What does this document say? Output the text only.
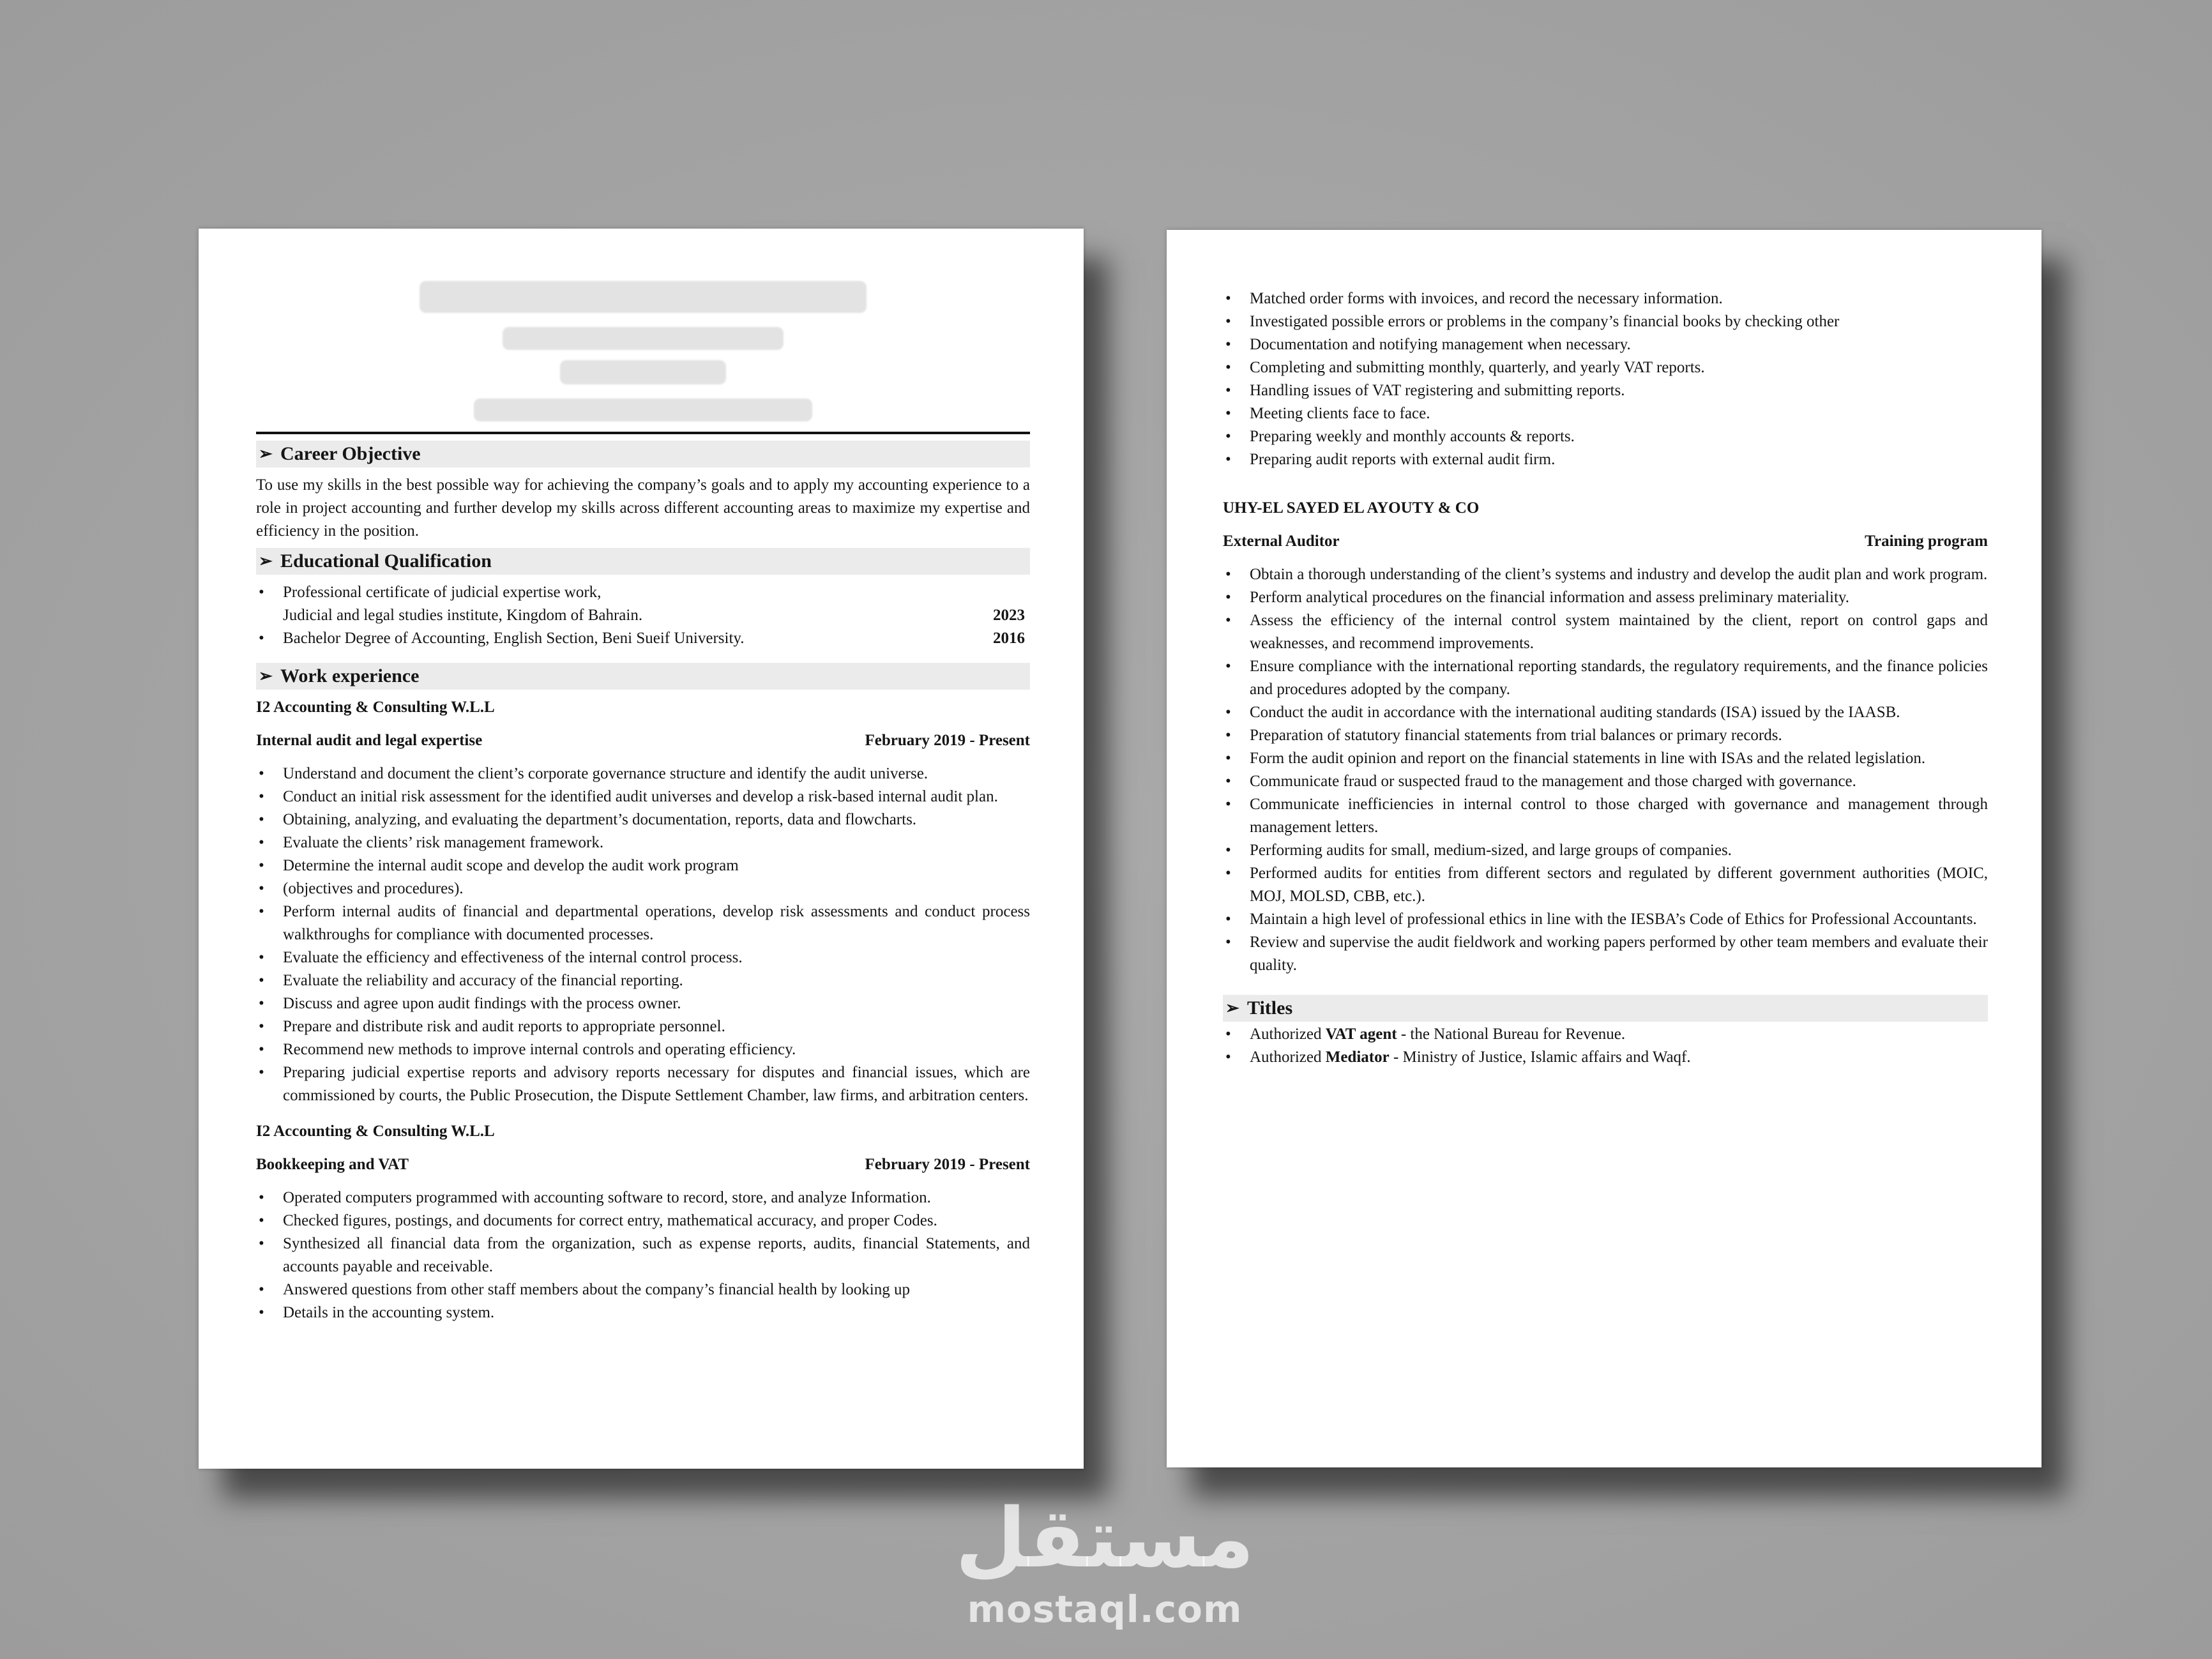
➢ Career Objective
To use my skills in the best possible way for achieving the company’s goals and to apply my accounting experience to a role in project accounting and further develop my skills across different accounting areas to maximize my expertise and efficiency in the position.
➢ Educational Qualification
• Professional certificate of judicial expertise work,
Judicial and legal studies institute, Kingdom of Bahrain.	2023
• Bachelor Degree of Accounting, English Section, Beni Sueif University.	2016
➢ Work experience
I2 Accounting & Consulting W.L.L
Internal audit and legal expertise	February 2019 - Present
• Understand and document the client’s corporate governance structure and identify the audit universe.
• Conduct an initial risk assessment for the identified audit universes and develop a risk-based internal audit plan.
• Obtaining, analyzing, and evaluating the department’s documentation, reports, data and flowcharts.
• Evaluate the clients’ risk management framework.
• Determine the internal audit scope and develop the audit work program
• (objectives and procedures).
• Perform internal audits of financial and departmental operations, develop risk assessments and conduct process walkthroughs for compliance with documented processes.
• Evaluate the efficiency and effectiveness of the internal control process.
• Evaluate the reliability and accuracy of the financial reporting.
• Discuss and agree upon audit findings with the process owner.
• Prepare and distribute risk and audit reports to appropriate personnel.
• Recommend new methods to improve internal controls and operating efficiency.
• Preparing judicial expertise reports and advisory reports necessary for disputes and financial issues, which are commissioned by courts, the Public Prosecution, the Dispute Settlement Chamber, law firms, and arbitration centers.
I2 Accounting & Consulting W.L.L
Bookkeeping and VAT	February 2019 - Present
• Operated computers programmed with accounting software to record, store, and analyze Information.
• Checked figures, postings, and documents for correct entry, mathematical accuracy, and proper Codes.
• Synthesized all financial data from the organization, such as expense reports, audits, financial Statements, and accounts payable and receivable.
• Answered questions from other staff members about the company’s financial health by looking up
• Details in the accounting system.
• Matched order forms with invoices, and record the necessary information.
• Investigated possible errors or problems in the company’s financial books by checking other
• Documentation and notifying management when necessary.
• Completing and submitting monthly, quarterly, and yearly VAT reports.
• Handling issues of VAT registering and submitting reports.
• Meeting clients face to face.
• Preparing weekly and monthly accounts & reports.
• Preparing audit reports with external audit firm.
UHY-EL SAYED EL AYOUTY & CO
External Auditor	Training program
• Obtain a thorough understanding of the client’s systems and industry and develop the audit plan and work program.
• Perform analytical procedures on the financial information and assess preliminary materiality.
• Assess the efficiency of the internal control system maintained by the client, report on control gaps and weaknesses, and recommend improvements.
• Ensure compliance with the international reporting standards, the regulatory requirements, and the finance policies and procedures adopted by the company.
• Conduct the audit in accordance with the international auditing standards (ISA) issued by the IAASB.
• Preparation of statutory financial statements from trial balances or primary records.
• Form the audit opinion and report on the financial statements in line with ISAs and the related legislation.
• Communicate fraud or suspected fraud to the management and those charged with governance.
• Communicate inefficiencies in internal control to those charged with governance and management through management letters.
• Performing audits for small, medium-sized, and large groups of companies.
• Performed audits for entities from different sectors and regulated by different government authorities (MOIC, MOJ, MOLSD, CBB, etc.).
• Maintain a high level of professional ethics in line with the IESBA’s Code of Ethics for Professional Accountants.
• Review and supervise the audit fieldwork and working papers performed by other team members and evaluate their quality.
➢ Titles
• Authorized VAT agent - the National Bureau for Revenue.
• Authorized Mediator - Ministry of Justice, Islamic affairs and Waqf.
مستقل
mostaql.com
